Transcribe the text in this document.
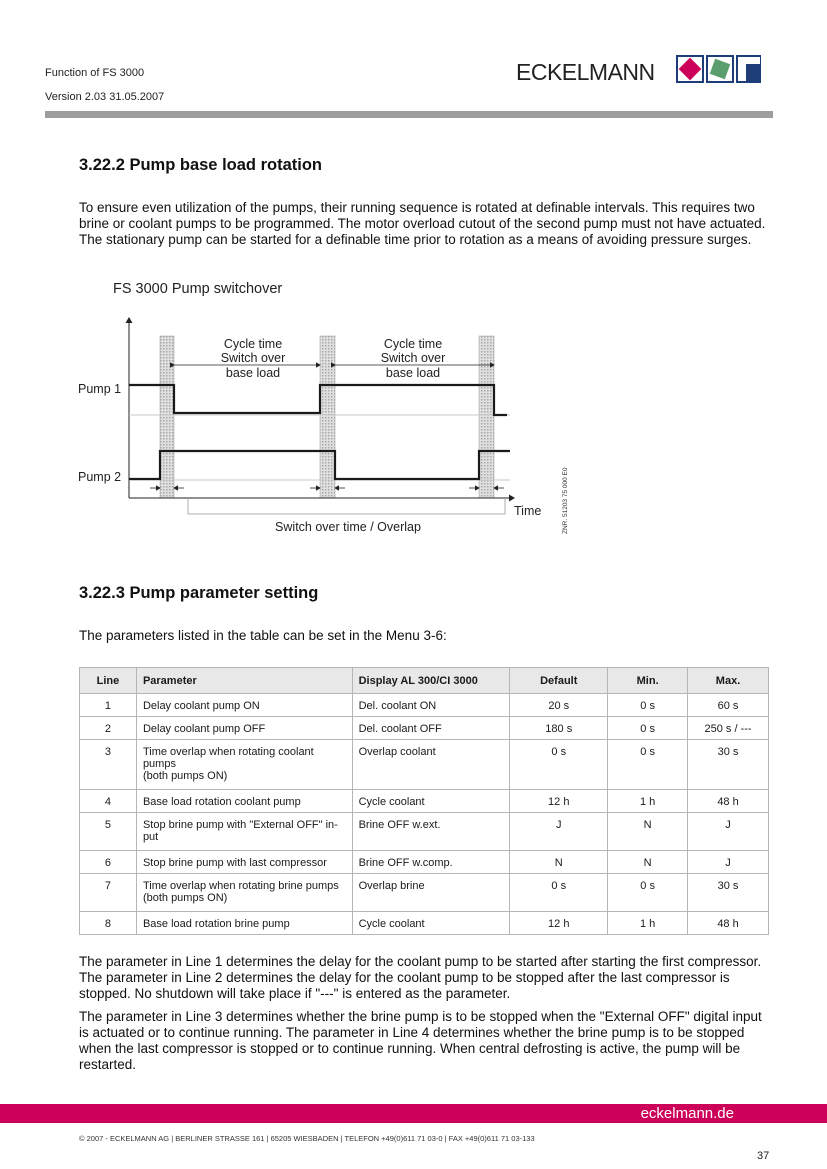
Function of FS 3000
Version 2.03 31.05.2007
ECKELMANN
3.22.2 Pump base load rotation

To ensure even utilization of the pumps, their running sequence is rotated at definable intervals. This requires two brine or coolant pumps to be programmed. The motor overload cutout of the second pump must not have actuated. The stationary pump can be started for a definable time prior to rotation as a means of avoiding pressure surges.

FS 3000 Pump switchover
Cycle time
Switch over
base load
Cycle time
Switch over
base load
Switch over time / Overlap
Pump 1
Pump 2
Time	ZNR. 51203 75 000 E0
3.22.3 Pump parameter setting

The parameters listed in the table can be set in the Menu 3-6:

Line	Parameter	Display AL 300/CI 3000	Default	Min.	Max.
1	Delay coolant pump ON	Del. coolant ON	20 s	0 s	60 s
2	Delay coolant pump OFF	Del. coolant OFF	180 s	0 s	250 s / ---
3	Time overlap when rotating coolant
pumps
(both pumps ON)	Overlap coolant	0 s	0 s	30 s
4	Base load rotation coolant pump	Cycle coolant	12 h	1 h	48 h
5	Stop brine pump with "External OFF" in-
put	Brine OFF w.ext.	J	N	J
6	Stop brine pump with last compressor	Brine OFF w.comp.	N	N	J
7	Time overlap when rotating brine pumps
(both pumps ON)	Overlap brine	0 s	0 s	30 s
8	Base load rotation brine pump	Cycle coolant	12 h	1 h	48 h

The parameter in Line 1 determines the delay for the coolant pump to be started after starting the first compressor. The parameter in Line 2 determines the delay for the coolant pump to be stopped after the last compressor is stopped. No shutdown will take place if "---" is entered as the parameter.

The parameter in Line 3 determines whether the brine pump is to be stopped when the "External OFF" digital input is actuated or to continue running. The parameter in Line 4 determines whether the brine pump is to be stopped when the last compressor is stopped or to continue running. When central defrosting is active, the pump will be restarted.

eckelmann.de
© 2007 - ECKELMANN AG | BERLINER STRASSE 161 | 65205 WIESBADEN | TELEFON +49(0)611 71 03-0 | FAX +49(0)611 71 03-133
37
